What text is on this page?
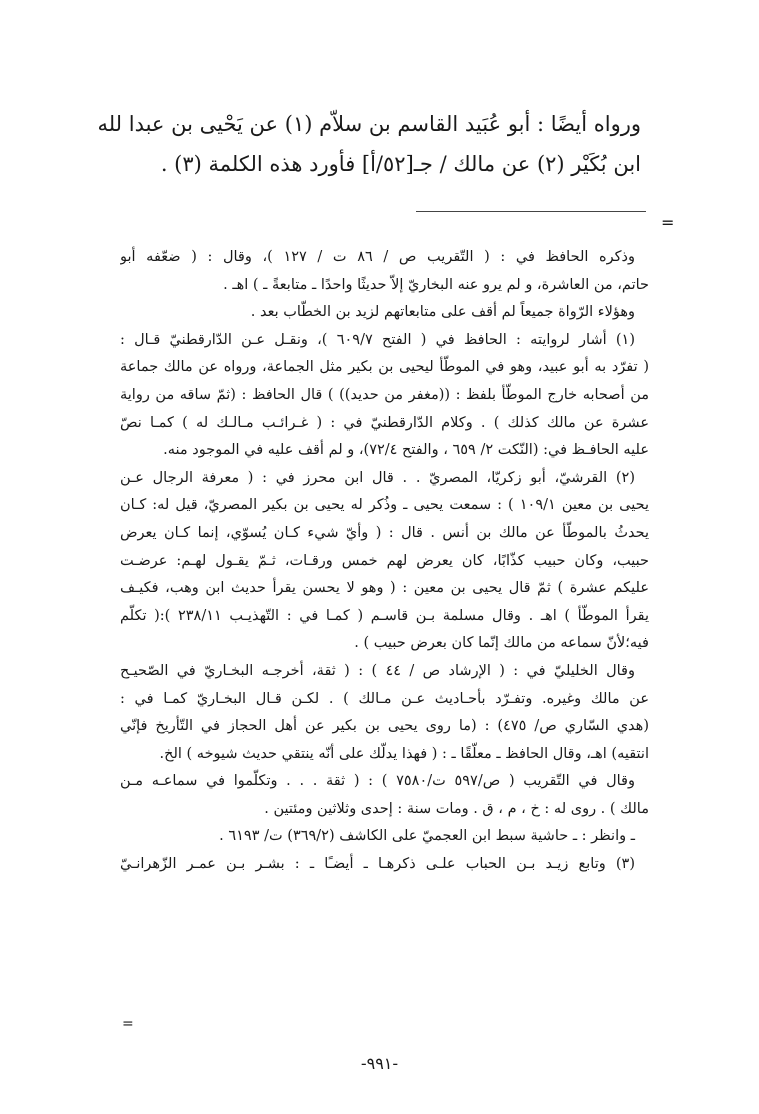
ورواه أيضًا : أبو عُبَيد القاسم بن سلاّم (١) عن يَحْيى بن عبدا لله

ابن بُكَيْر (٢) عن مالك / جـ[٥٢/أ] فأورد هذه الكلمة (٣) .

=
وذكره الحافظ في : ( التّقريب ص / ٨٦ ت / ١٢٧ )، وقال : ( ضعّفه أبو
حاتم، من العاشرة، و لم يرو عنه البخاريّ إلاّ حديثًا واحدًا ـ متابعةً ـ ) اهـ .
وهؤلاء الرّواة جميعاً لم أقف على متابعاتهم لزيد بن الخطّاب بعد .
(١) أشار لروايته : الحافظ في ( الفتح ٦٠٩/٧ )، ونقـل عـن الدّارقطنيّ قـال :
( تفرّد به أبو عبيد، وهو في الموطّأ ليحيى بن بكير مثل الجماعة، ورواه عن مالك جماعة
من أصحابه خارج الموطّأ بلفظ : ((مغفر من حديد)) ) قال الحافظ : (ثمّ ساقه من رواية
عشرة عن مالك كذلك ) . وكلام الدّارقطنيّ في : ( غـرائـب مـالـك له ) كمـا نصّ
عليه الحافـظ في: (النّكت ٢/ ٦٥٩ ، والفتح ٧٢/٤)، و لم أقف عليه في الموجود منه.
(٢) القرشيّ، أبو زكريّا، المصريّ . . قال ابن محرز في : ( معرفة الرجال عـن
يحيى بن معين ١٠٩/١ ) : سمعت يحيى ـ وذُكر له يحيى بن بكير المصريّ، قيل له: كـان
يحدثُ بالموطّأ عن مالك بن أنس . قال : ( وأيّ شيء كـان يُسوّي، إنما كـان يعرض
حبيب، وكان حبيب كذّابًا، كان يعرض لهم خمس ورقـات، ثـمّ يقـول لهـم: عرضـت
عليكم عشرة ) ثمّ قال يحيى بن معين : ( وهو لا يحسن يقرأ حديث ابن وهب، فكيـف
يقرأ الموطّأ ) اهـ . وقال مسلمة بـن قاسـم ( كمـا في : التّهذيـب ٢٣٨/١١ ):( تكلّم
فيه؛لأنّ سماعه من مالك إنّما كان بعرض حبيب ) .
وقال الخليليّ في : ( الإرشاد ص / ٤٤ ) : ( ثقة، أخرجـه البخـاريّ في الصّحيـح
عن مالك وغيره. وتفـرّد بأحـاديث عـن مـالك ) . لكـن قـال البخـاريّ كمـا في :
(هدي السّاري ص/ ٤٧٥) : (ما روى يحيى بن بكير عن أهل الحجاز في التّأريخ فإنّي
انتقيه) اهـ، وقال الحافظ ـ معلّقًا ـ : ( فهذا يدلّك على أنّه ينتقي حديث شيوخه ) الخ.
وقال في التّقريب ( ص/٥٩٧ ت/٧٥٨٠ ) : ( ثقة . . . وتكلّموا في سماعـه مـن
مالك ) . روى له : خ ، م ، ق . ومات سنة : إحدى وثلاثين ومئتين .
ـ وانظر : ـ حاشية سبط ابن العجميّ على الكاشف (٣٦٩/٢) ت/ ٦١٩٣ .
(٣) وتابع زيـد بـن الحباب علـى ذكرهـا ـ أيضـًا ـ : بشـر بـن عمـر الزّهرانـيّ
=
-٩٩١-
